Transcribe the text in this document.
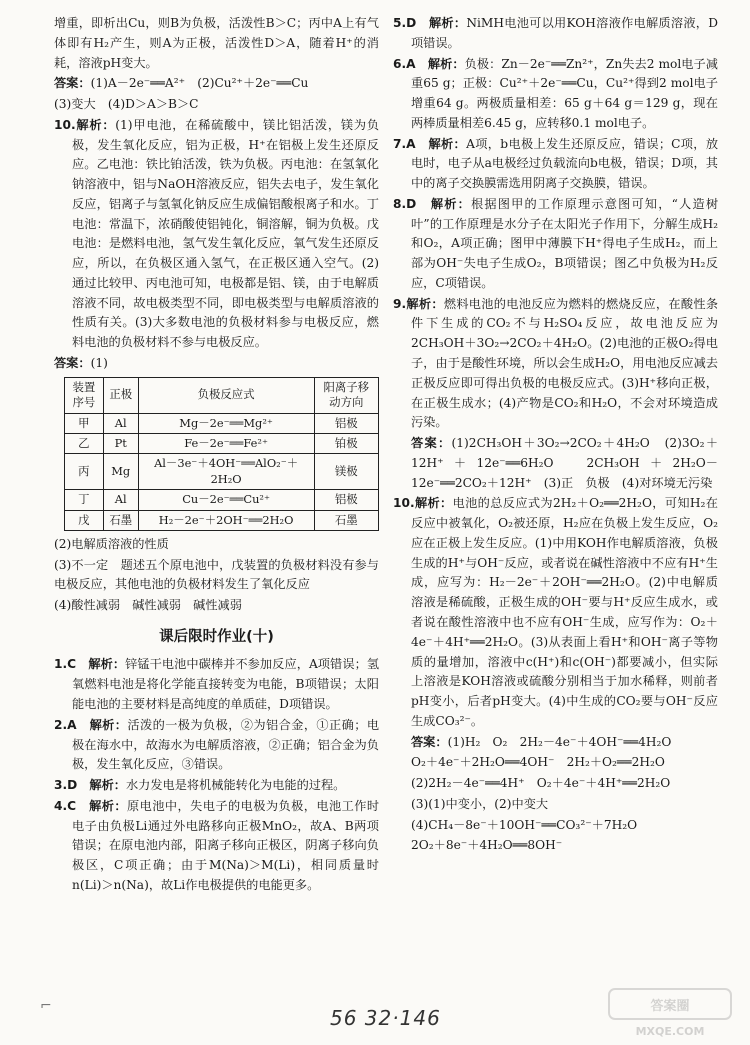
增重，即析出Cu，则B为负极，活泼性B＞C；丙中A上有气体即有H₂产生，则A为正极，活泼性D＞A，随着H⁺的消耗，溶液pH变大。

答案：(1)A－2e⁻══A²⁺　(2)Cu²⁺＋2e⁻══Cu

(3)变大　(4)D＞A＞B＞C

10.解析：(1)甲电池，在稀硫酸中，镁比铝活泼，镁为负极，发生氧化反应，铝为正极，H⁺在铝极上发生还原反应。乙电池：铁比铂活泼，铁为负极。丙电池：在氢氧化钠溶液中，铝与NaOH溶液反应，铝失去电子，发生氧化反应，铝离子与氢氧化钠反应生成偏铝酸根离子和水。丁电池：常温下，浓硝酸使铝钝化，铜溶解，铜为负极。戊电池：是燃料电池，氢气发生氧化反应，氧气发生还原反应，所以，在负极区通入氢气，在正极区通入空气。(2)通过比较甲、丙电池可知，电极都是铝、镁，由于电解质溶液不同，故电极类型不同，即电极类型与电解质溶液的性质有关。(3)大多数电池的负极材料参与电极反应，燃料电池的负极材料不参与电极反应。

答案：(1)

装置序号	正极	负极反应式	阳离子移动方向
甲	Al	Mg－2e⁻══Mg²⁺	铝极
乙	Pt	Fe－2e⁻══Fe²⁺	铂极
丙	Mg	Al－3e⁻＋4OH⁻══AlO₂⁻＋2H₂O	镁极
丁	Al	Cu－2e⁻══Cu²⁺	铝极
戊	石墨	H₂－2e⁻＋2OH⁻══2H₂O	石墨

(2)电解质溶液的性质

(3)不一定　题述五个原电池中，戊装置的负极材料没有参与电极反应，其他电池的负极材料发生了氧化反应

(4)酸性减弱　碱性减弱　碱性减弱

课后限时作业(十)

1.C　 解析：锌锰干电池中碳棒并不参加反应，A项错误；氢氧燃料电池是将化学能直接转变为电能，B项错误；太阳能电池的主要材料是高纯度的单质硅，D项错误。

2.A　 解析：活泼的一极为负极，②为铝合金，①正确；电极在海水中，故海水为电解质溶液，②正确；铝合金为负极，发生氧化反应，③错误。

3.D　 解析：水力发电是将机械能转化为电能的过程。

4.C　 解析：原电池中，失电子的电极为负极，电池工作时电子由负极Li通过外电路移向正极MnO₂，故A、B两项错误；在原电池内部，阳离子移向正极区，阴离子移向负极区，C项正确；由于M(Na)＞M(Li)，相同质量时n(Li)＞n(Na)，故Li作电极提供的电能更多。

5.D　 解析：NiMH电池可以用KOH溶液作电解质溶液，D项错误。

6.A　 解析：负极：Zn－2e⁻══Zn²⁺，Zn失去2 mol电子减重65 g；正极：Cu²⁺＋2e⁻══Cu，Cu²⁺得到2 mol电子增重64 g。两极质量相差：65 g＋64 g＝129 g，现在两棒质量相差6.45 g，应转移0.1 mol电子。

7.A　 解析：A项，b电极上发生还原反应，错误；C项，放电时，电子从a电极经过负载流向b电极，错误；D项，其中的离子交换膜需选用阴离子交换膜，错误。

8.D　 解析：根据图甲的工作原理示意图可知，“人造树叶”的工作原理是水分子在太阳光子作用下，分解生成H₂和O₂，A项正确；图甲中薄膜下H⁺得电子生成H₂，而上部为OH⁻失电子生成O₂，B项错误；图乙中负极为H₂反应，C项错误。

9.解析：燃料电池的电池反应为燃料的燃烧反应，在酸性条件下生成的CO₂不与H₂SO₄反应，故电池反应为2CH₃OH＋3O₂→2CO₂＋4H₂O。(2)电池的正极O₂得电子，由于是酸性环境，所以会生成H₂O，用电池反应减去正极反应即可得出负极的电极反应式。(3)H⁺移向正极，在正极生成水；(4)产物是CO₂和H₂O，不会对环境造成污染。

答案：(1)2CH₃OH＋3O₂→2CO₂＋4H₂O　(2)3O₂＋12H⁺＋12e⁻══6H₂O　2CH₃OH＋2H₂O－12e⁻══2CO₂＋12H⁺　(3)正　负极　(4)对环境无污染

10.解析：电池的总反应式为2H₂＋O₂══2H₂O，可知H₂在反应中被氧化，O₂被还原，H₂应在负极上发生反应，O₂应在正极上发生反应。(1)中用KOH作电解质溶液，负极生成的H⁺与OH⁻反应，或者说在碱性溶液中不应有H⁺生成，应写为：H₂－2e⁻＋2OH⁻══2H₂O。(2)中电解质溶液是稀硫酸，正极生成的OH⁻要与H⁺反应生成水，或者说在酸性溶液中也不应有OH⁻生成，应写作为：O₂＋4e⁻＋4H⁺══2H₂O。(3)从表面上看H⁺和OH⁻离子等物质的量增加，溶液中c(H⁺)和c(OH⁻)都要减小，但实际上溶液是KOH溶液或硫酸分别相当于加水稀释，则前者pH变小，后者pH变大。(4)中生成的CO₂要与OH⁻反应生成CO₃²⁻。

答案：(1)H₂　O₂　2H₂－4e⁻＋4OH⁻══4H₂O

O₂＋4e⁻＋2H₂O══4OH⁻　2H₂＋O₂══2H₂O

(2)2H₂－4e⁻══4H⁺　O₂＋4e⁻＋4H⁺══2H₂O

(3)(1)中变小，(2)中变大

(4)CH₄－8e⁻＋10OH⁻══CO₃²⁻＋7H₂O

2O₂＋8e⁻＋4H₂O══8OH⁻

⌐	56 32·146	答案圈
MXQE.COM
